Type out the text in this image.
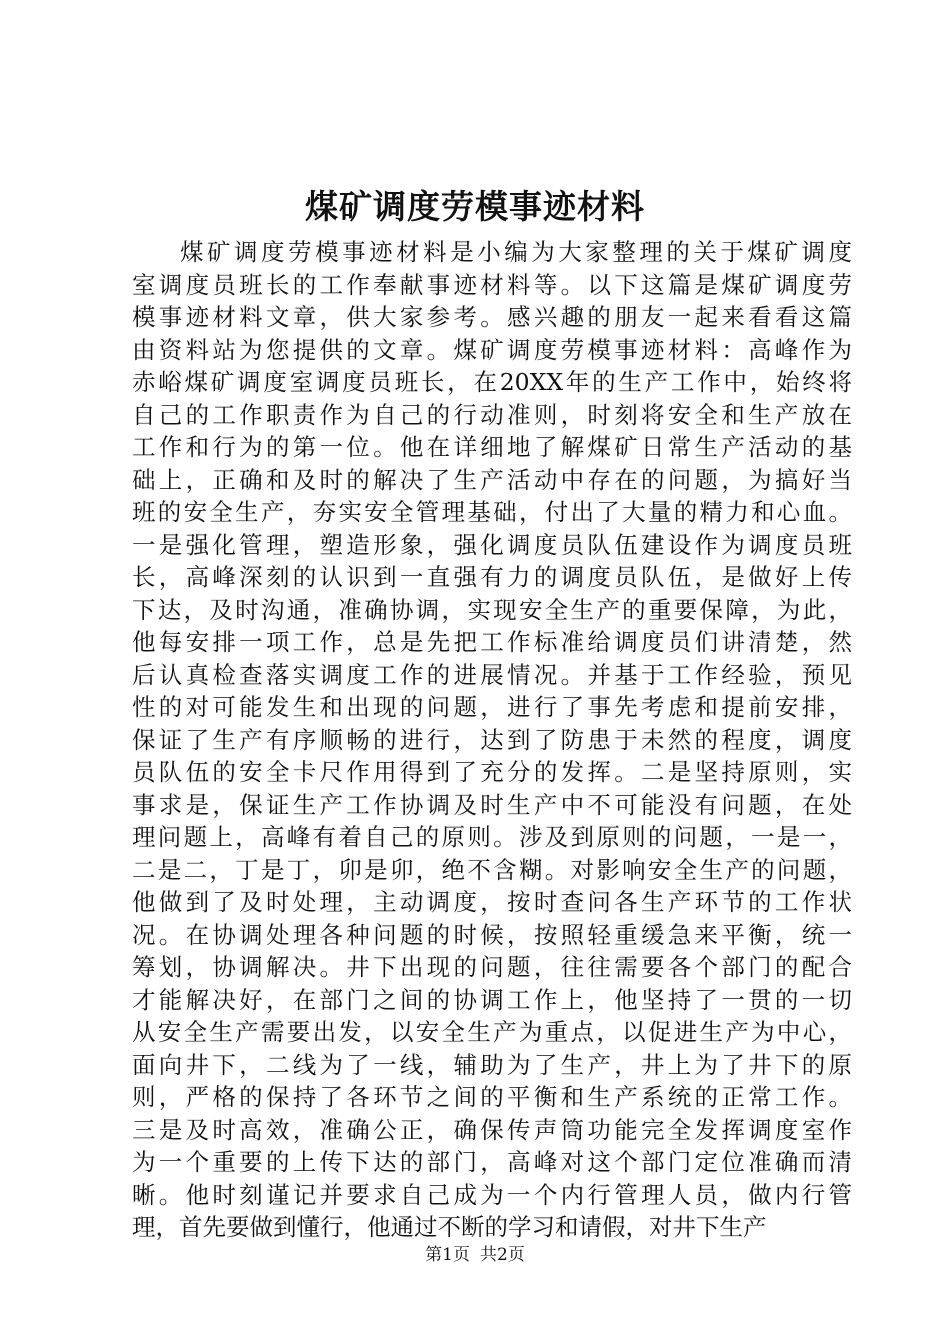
煤矿调度劳模事迹材料
煤矿调度劳模事迹材料是小编为大家整理的关于煤矿调度
室调度员班长的工作奉献事迹材料等。以下这篇是煤矿调度劳
模事迹材料文章，供大家参考。感兴趣的朋友一起来看看这篇
由资料站为您提供的文章。煤矿调度劳模事迹材料：高峰作为
赤峪煤矿调度室调度员班长，在20XX年的生产工作中，始终将
自己的工作职责作为自己的行动准则，时刻将安全和生产放在
工作和行为的第一位。他在详细地了解煤矿日常生产活动的基
础上，正确和及时的解决了生产活动中存在的问题，为搞好当
班的安全生产，夯实安全管理基础，付出了大量的精力和心血。
一是强化管理，塑造形象，强化调度员队伍建设作为调度员班
长，高峰深刻的认识到一直强有力的调度员队伍，是做好上传
下达，及时沟通，准确协调，实现安全生产的重要保障，为此，
他每安排一项工作，总是先把工作标准给调度员们讲清楚，然
后认真检查落实调度工作的进展情况。并基于工作经验，预见
性的对可能发生和出现的问题，进行了事先考虑和提前安排，
保证了生产有序顺畅的进行，达到了防患于未然的程度，调度
员队伍的安全卡尺作用得到了充分的发挥。二是坚持原则，实
事求是，保证生产工作协调及时生产中不可能没有问题，在处
理问题上，高峰有着自己的原则。涉及到原则的问题，一是一，
二是二，丁是丁，卯是卯，绝不含糊。对影响安全生产的问题，
他做到了及时处理，主动调度，按时查问各生产环节的工作状
况。在协调处理各种问题的时候，按照轻重缓急来平衡，统一
筹划，协调解决。井下出现的问题，往往需要各个部门的配合
才能解决好，在部门之间的协调工作上，他坚持了一贯的一切
从安全生产需要出发，以安全生产为重点，以促进生产为中心，
面向井下，二线为了一线，辅助为了生产，井上为了井下的原
则，严格的保持了各环节之间的平衡和生产系统的正常工作。
三是及时高效，准确公正，确保传声筒功能完全发挥调度室作
为一个重要的上传下达的部门，高峰对这个部门定位准确而清
晰。他时刻谨记并要求自己成为一个内行管理人员，做内行管
理，首先要做到懂行，他通过不断的学习和请假，对井下生产
第1页 共2页
